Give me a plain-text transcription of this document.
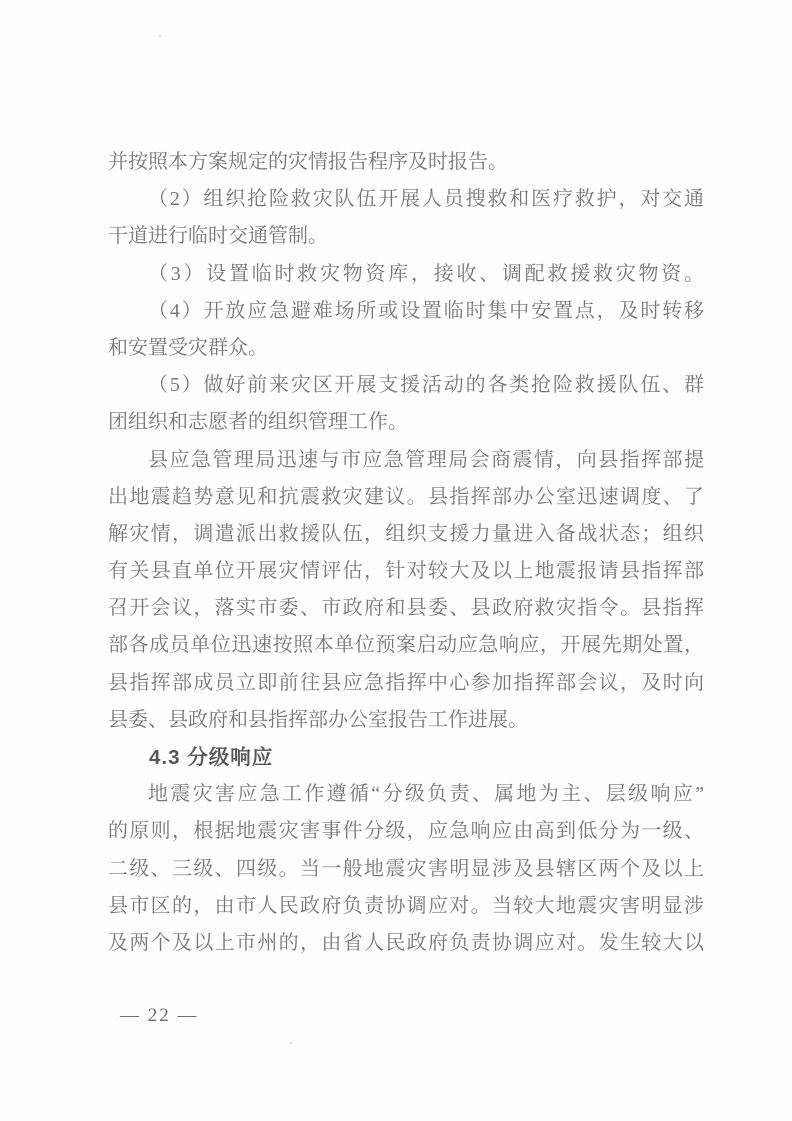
并按照本方案规定的灾情报告程序及时报告。
（2）组织抢险救灾队伍开展人员搜救和医疗救护，对交通
干道进行临时交通管制。
（3）设置临时救灾物资库，接收、调配救援救灾物资。
（4）开放应急避难场所或设置临时集中安置点，及时转移
和安置受灾群众。
（5）做好前来灾区开展支援活动的各类抢险救援队伍、群
团组织和志愿者的组织管理工作。
县应急管理局迅速与市应急管理局会商震情，向县指挥部提
出地震趋势意见和抗震救灾建议。县指挥部办公室迅速调度、了
解灾情，调遣派出救援队伍，组织支援力量进入备战状态；组织
有关县直单位开展灾情评估，针对较大及以上地震报请县指挥部
召开会议，落实市委、市政府和县委、县政府救灾指令。县指挥
部各成员单位迅速按照本单位预案启动应急响应，开展先期处置，
县指挥部成员立即前往县应急指挥中心参加指挥部会议，及时向
县委、县政府和县指挥部办公室报告工作进展。
4.3 分级响应
地震灾害应急工作遵循“分级负责、属地为主、层级响应”
的原则，根据地震灾害事件分级，应急响应由高到低分为一级、
二级、三级、四级。当一般地震灾害明显涉及县辖区两个及以上
县市区的，由市人民政府负责协调应对。当较大地震灾害明显涉
及两个及以上市州的，由省人民政府负责协调应对。发生较大以
— 22 —
